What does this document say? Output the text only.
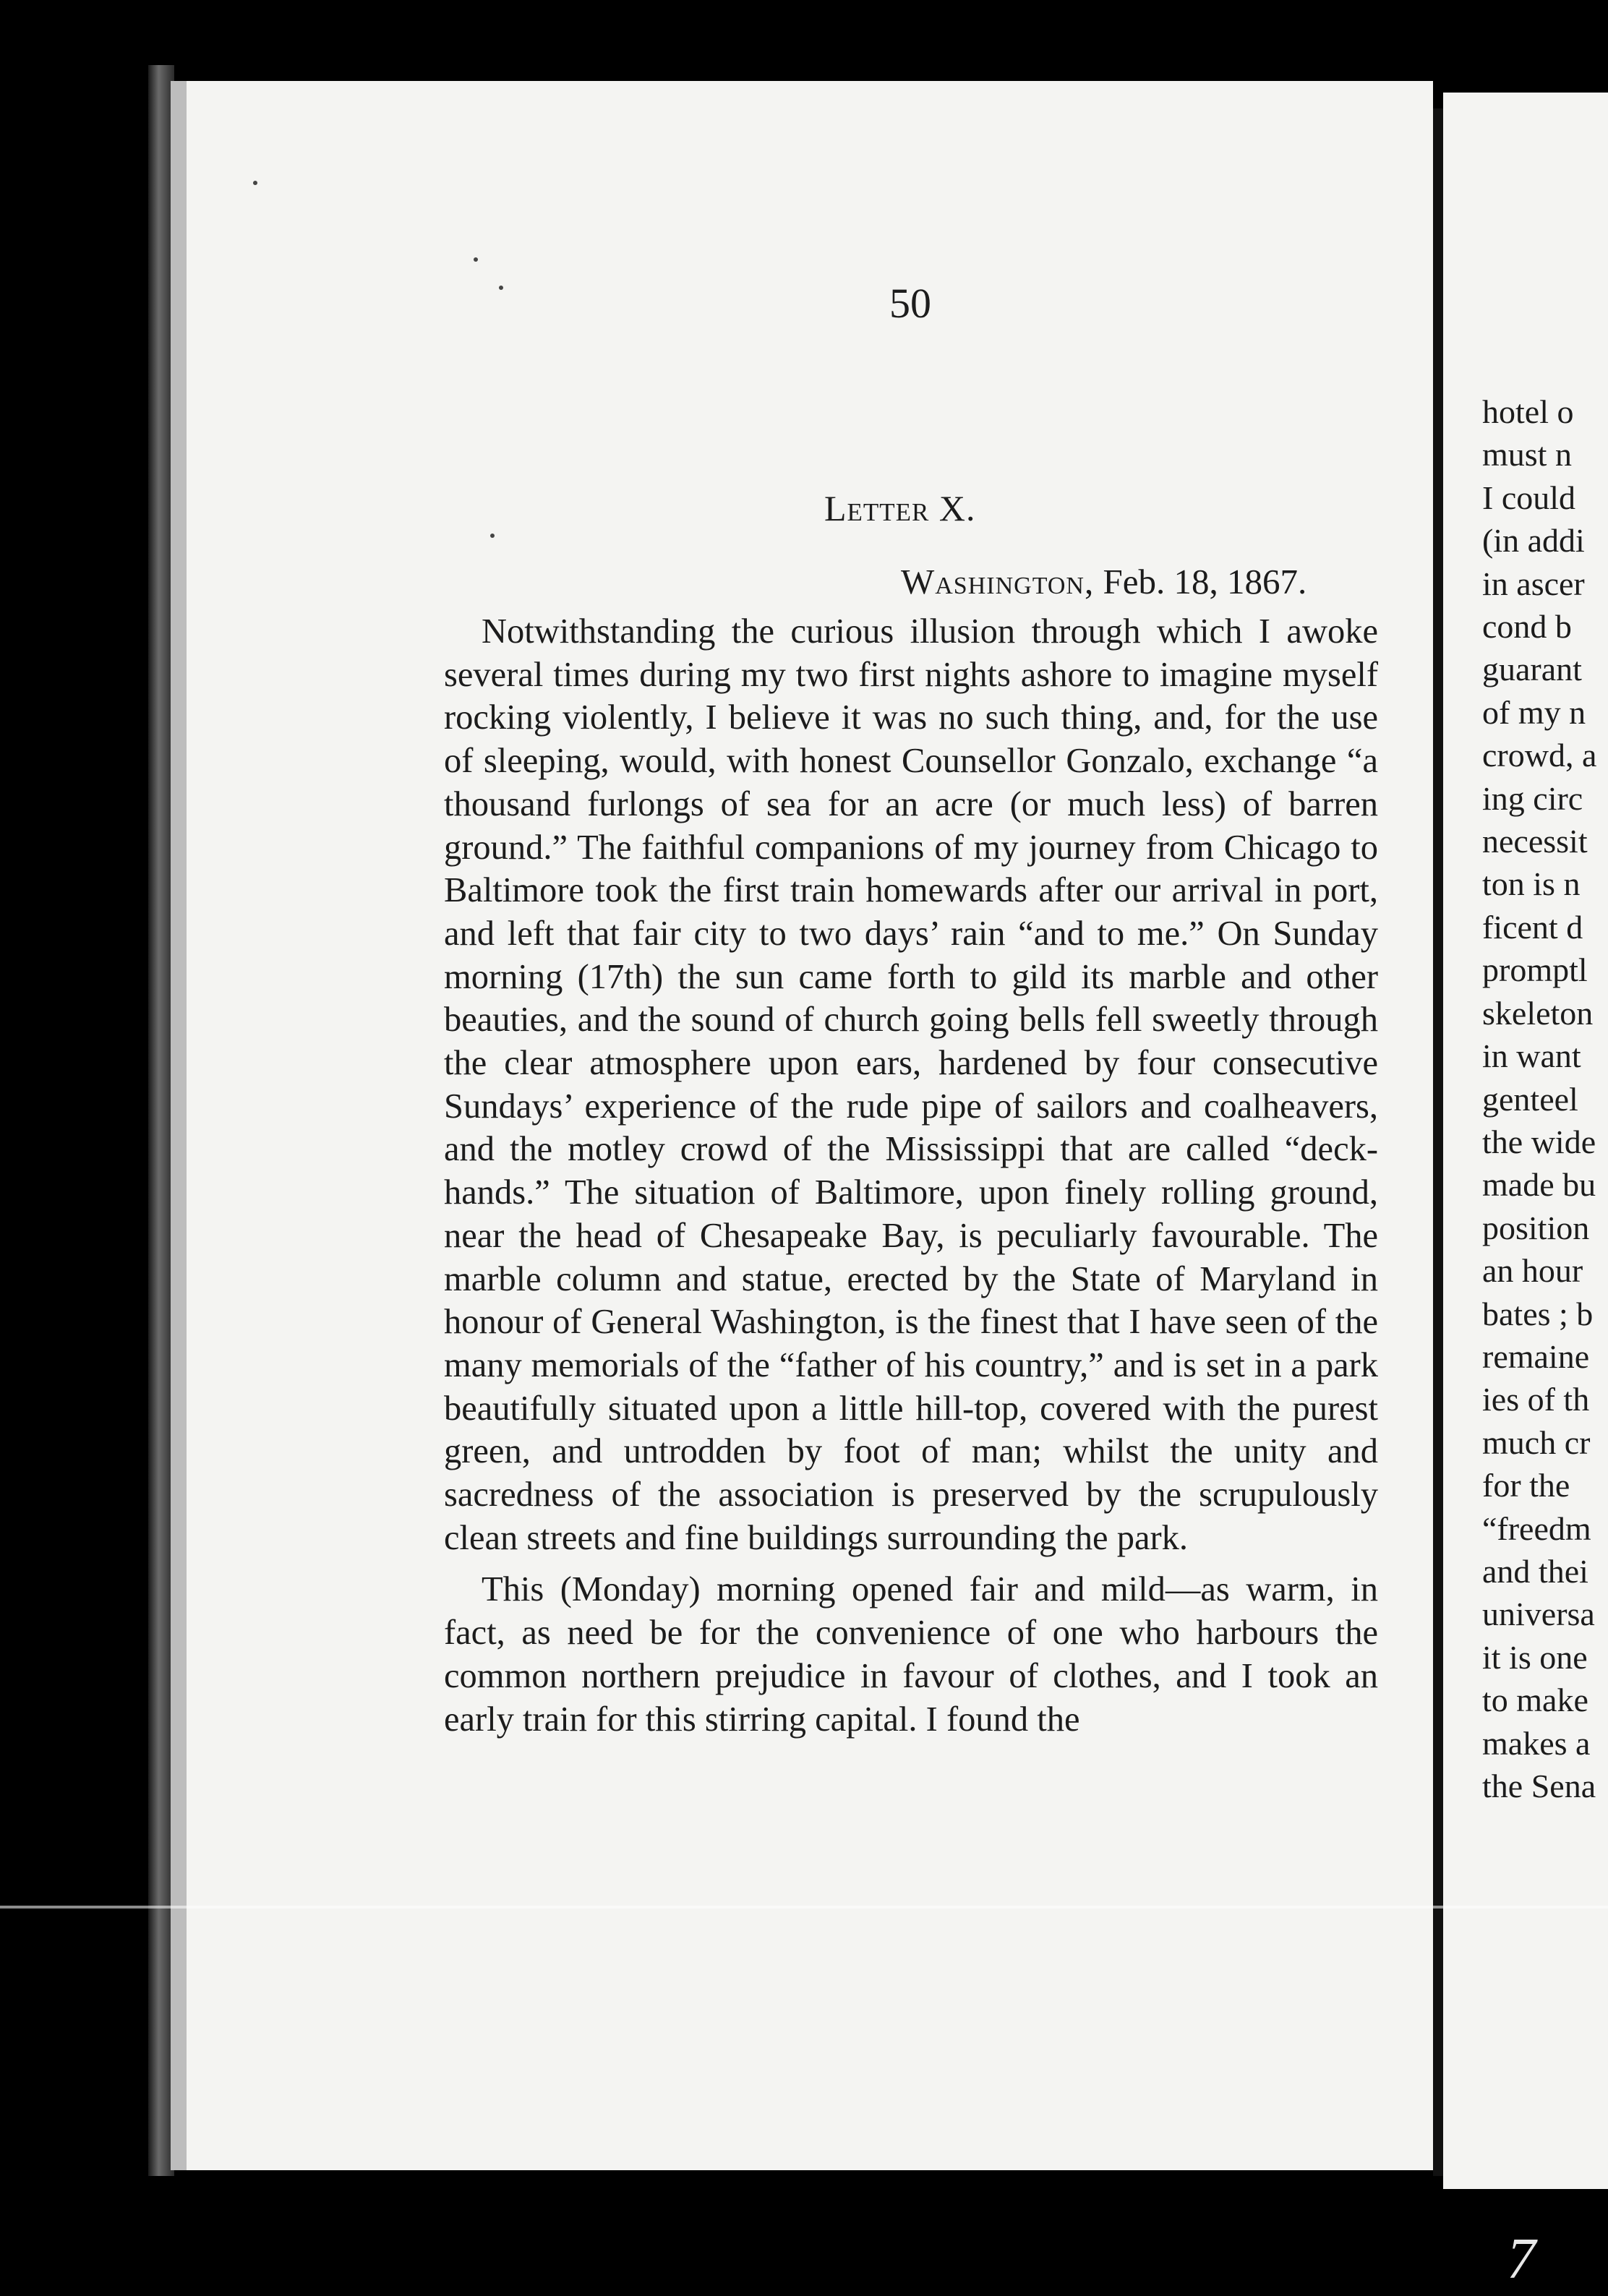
50

Letter X.

Washington, Feb. 18, 1867.

Notwithstanding the curious illusion through which I awoke several times during my two first nights ashore to imagine myself rocking violently, I believe it was no such thing, and, for the use of sleeping, would, with honest Counsellor Gonzalo, exchange “a thousand furlongs of sea for an acre (or much less) of barren ground.” The faithful companions of my journey from Chicago to Baltimore took the first train homewards after our arrival in port, and left that fair city to two days’ rain “and to me.” On Sunday morning (17th) the sun came forth to gild its marble and other beauties, and the sound of church going bells fell sweetly through the clear atmosphere upon ears, hardened by four consecutive Sundays’ experience of the rude pipe of sailors and coalheavers, and the motley crowd of the Mississippi that are called “deck-hands.” The situation of Baltimore, upon finely rolling ground, near the head of Chesapeake Bay, is peculiarly favourable. The marble column and statue, erected by the State of Maryland in honour of General Washington, is the finest that I have seen of the many memorials of the “father of his country,” and is set in a park beautifully situated upon a little hill-top, covered with the purest green, and untrodden by foot of man; whilst the unity and sacredness of the association is preserved by the scrupulously clean streets and fine buildings surrounding the park.

This (Monday) morning opened fair and mild—as warm, in fact, as need be for the convenience of one who harbours the common northern prejudice in favour of clothes, and I took an early train for this stirring capital. I found the

hotel o
must n
I could
(in addi
in ascer
cond b
guarant
of my n
crowd, a
ing circ
necessit
ton is n
ficent d
promptl
skeleton
in want
genteel
the wide
made bu
position
an hour
bates ; b
remaine
ies of th
much cr
for the
“freedm
and thei
universa
it is one
to make
makes a
the Sena
7
